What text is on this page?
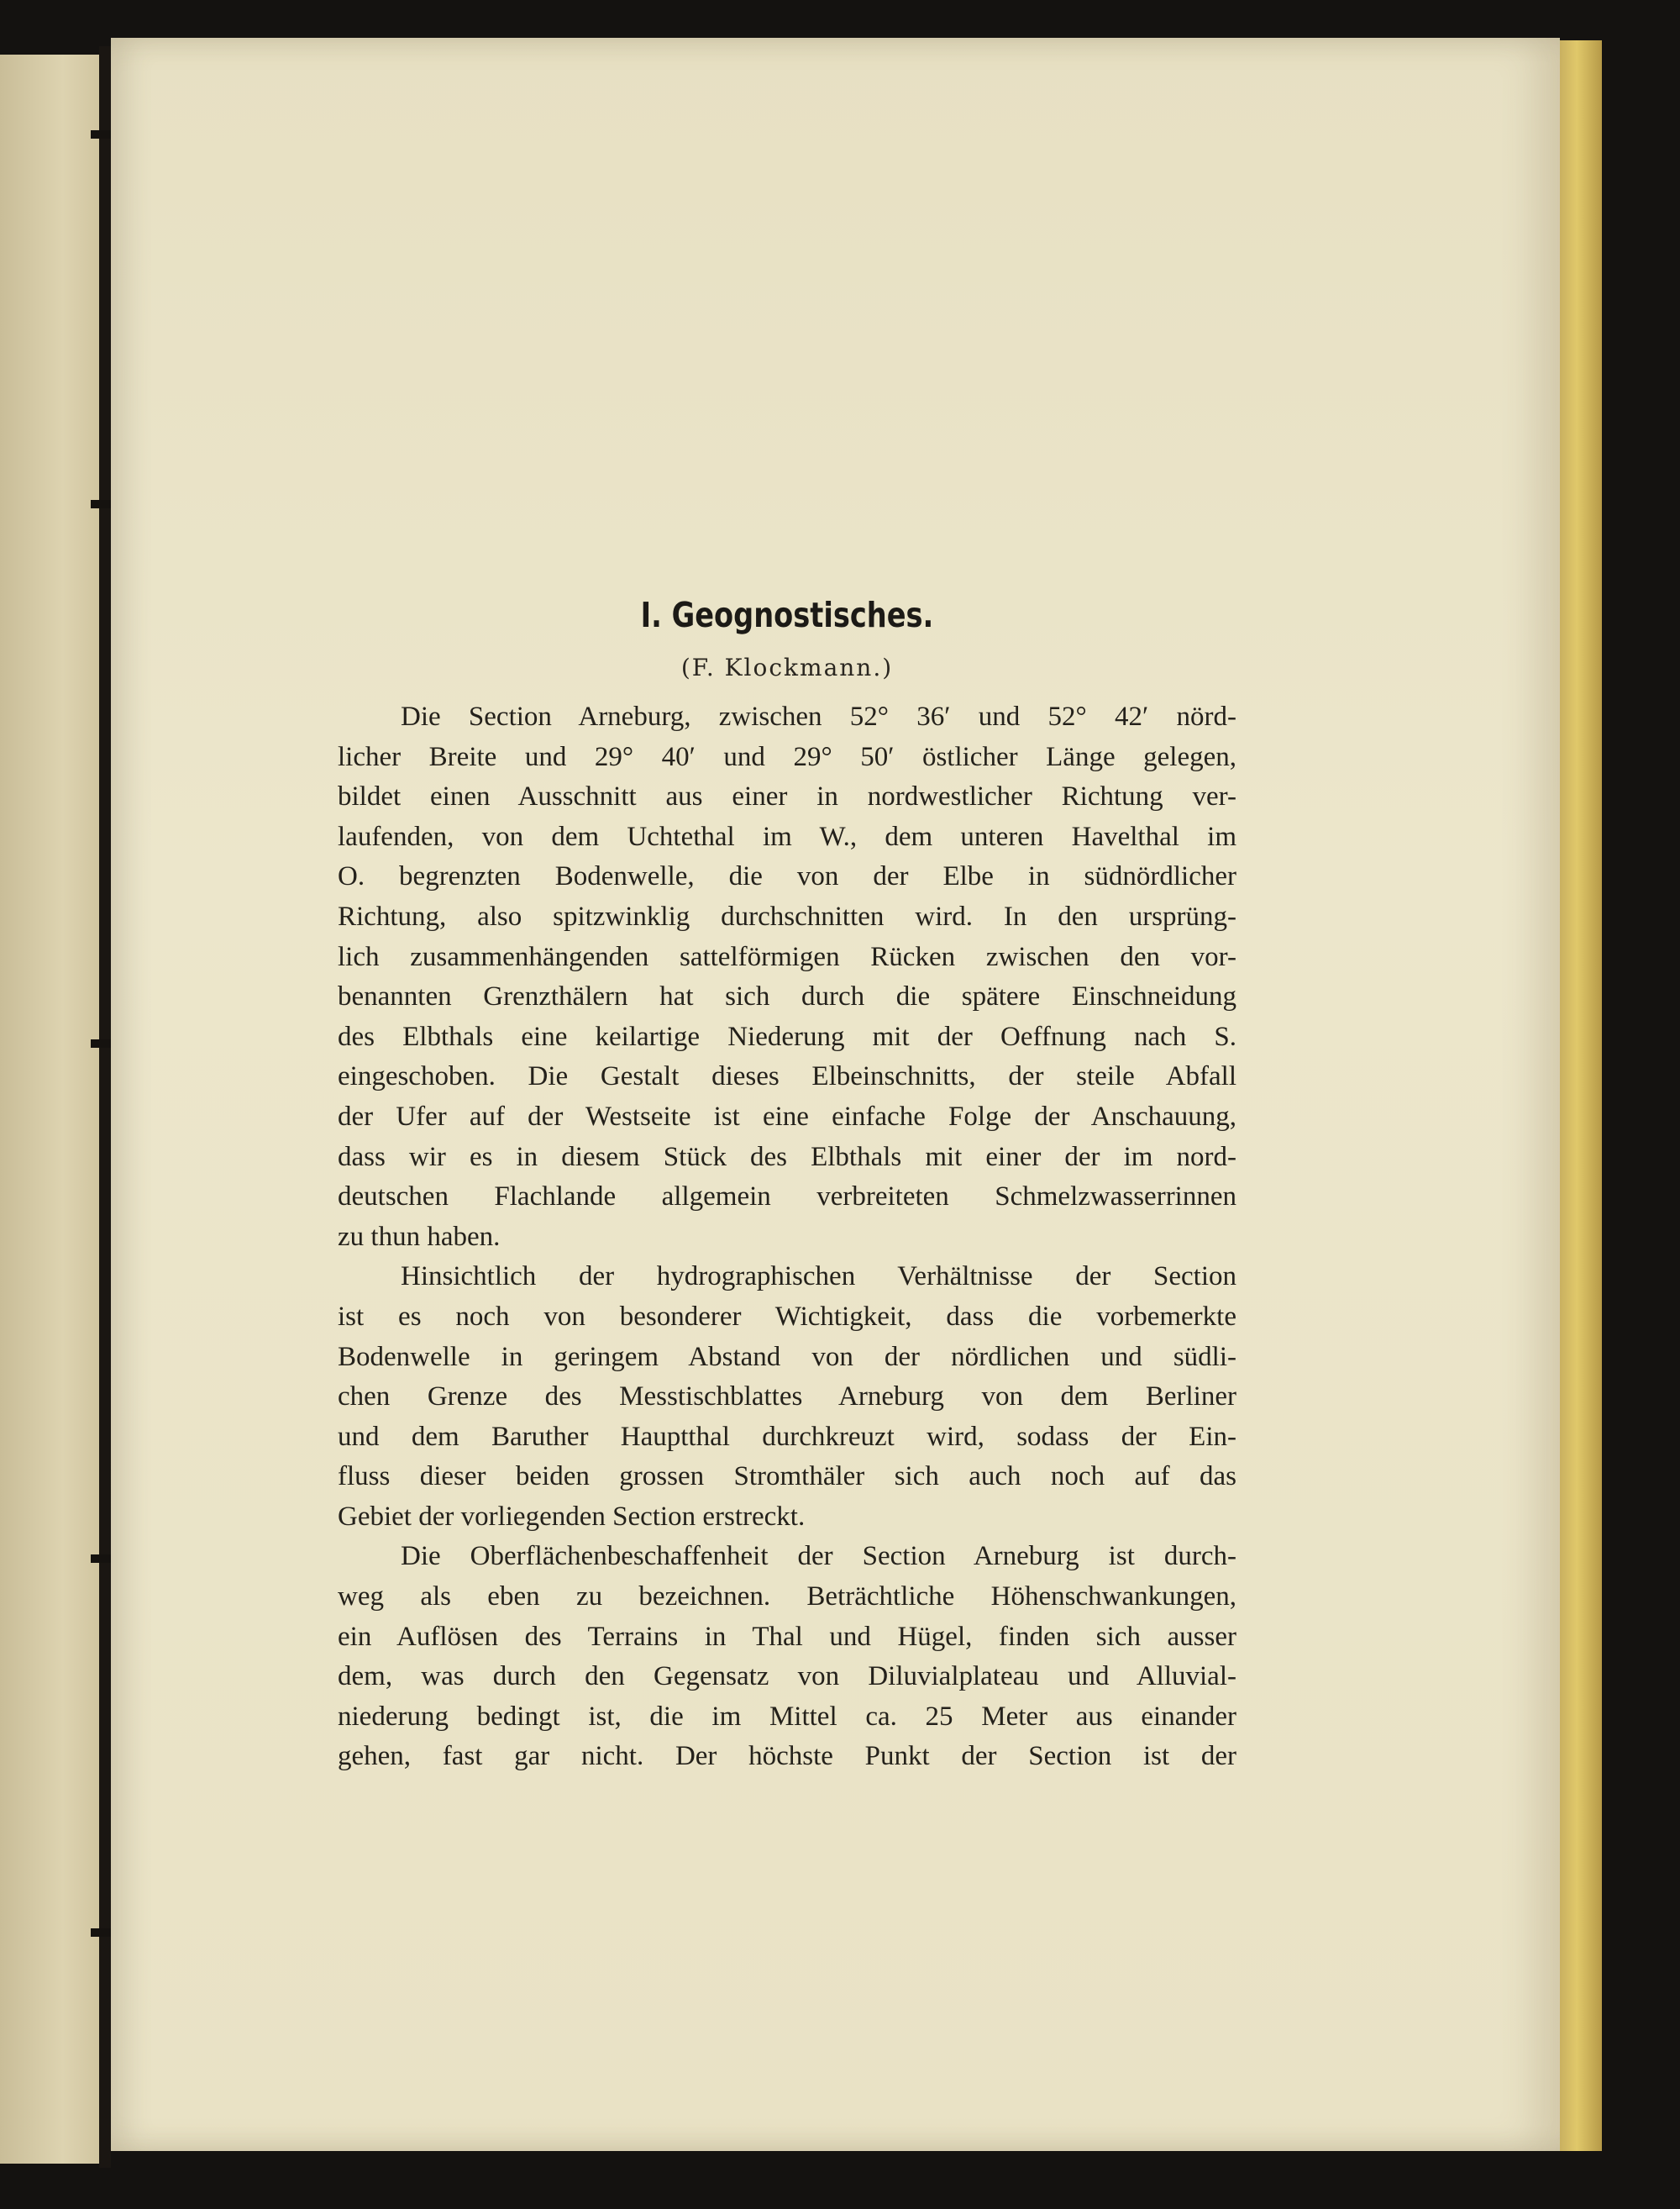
I. Geognostisches.
(F. Klockmann.)
Die Section Arneburg, zwischen 52° 36′ und 52° 42′ nörd-
licher Breite und 29° 40′ und 29° 50′ östlicher Länge gelegen,
bildet einen Ausschnitt aus einer in nordwestlicher Richtung ver-
laufenden, von dem Uchtethal im W., dem unteren Havelthal im
O. begrenzten Bodenwelle, die von der Elbe in südnördlicher
Richtung, also spitzwinklig durchschnitten wird. In den ursprüng-
lich zusammenhängenden sattelförmigen Rücken zwischen den vor-
benannten Grenzthälern hat sich durch die spätere Einschneidung
des Elbthals eine keilartige Niederung mit der Oeffnung nach S.
eingeschoben. Die Gestalt dieses Elbeinschnitts, der steile Abfall
der Ufer auf der Westseite ist eine einfache Folge der Anschauung,
dass wir es in diesem Stück des Elbthals mit einer der im nord-
deutschen Flachlande allgemein verbreiteten Schmelzwasserrinnen
zu thun haben.
Hinsichtlich der hydrographischen Verhältnisse der Section
ist es noch von besonderer Wichtigkeit, dass die vorbemerkte
Bodenwelle in geringem Abstand von der nördlichen und südli-
chen Grenze des Messtischblattes Arneburg von dem Berliner
und dem Baruther Hauptthal durchkreuzt wird, sodass der Ein-
fluss dieser beiden grossen Stromthäler sich auch noch auf das
Gebiet der vorliegenden Section erstreckt.
Die Oberflächenbeschaffenheit der Section Arneburg ist durch-
weg als eben zu bezeichnen. Beträchtliche Höhenschwankungen,
ein Auflösen des Terrains in Thal und Hügel, finden sich ausser
dem, was durch den Gegensatz von Diluvialplateau und Alluvial-
niederung bedingt ist, die im Mittel ca. 25 Meter aus einander
gehen, fast gar nicht. Der höchste Punkt der Section ist der
